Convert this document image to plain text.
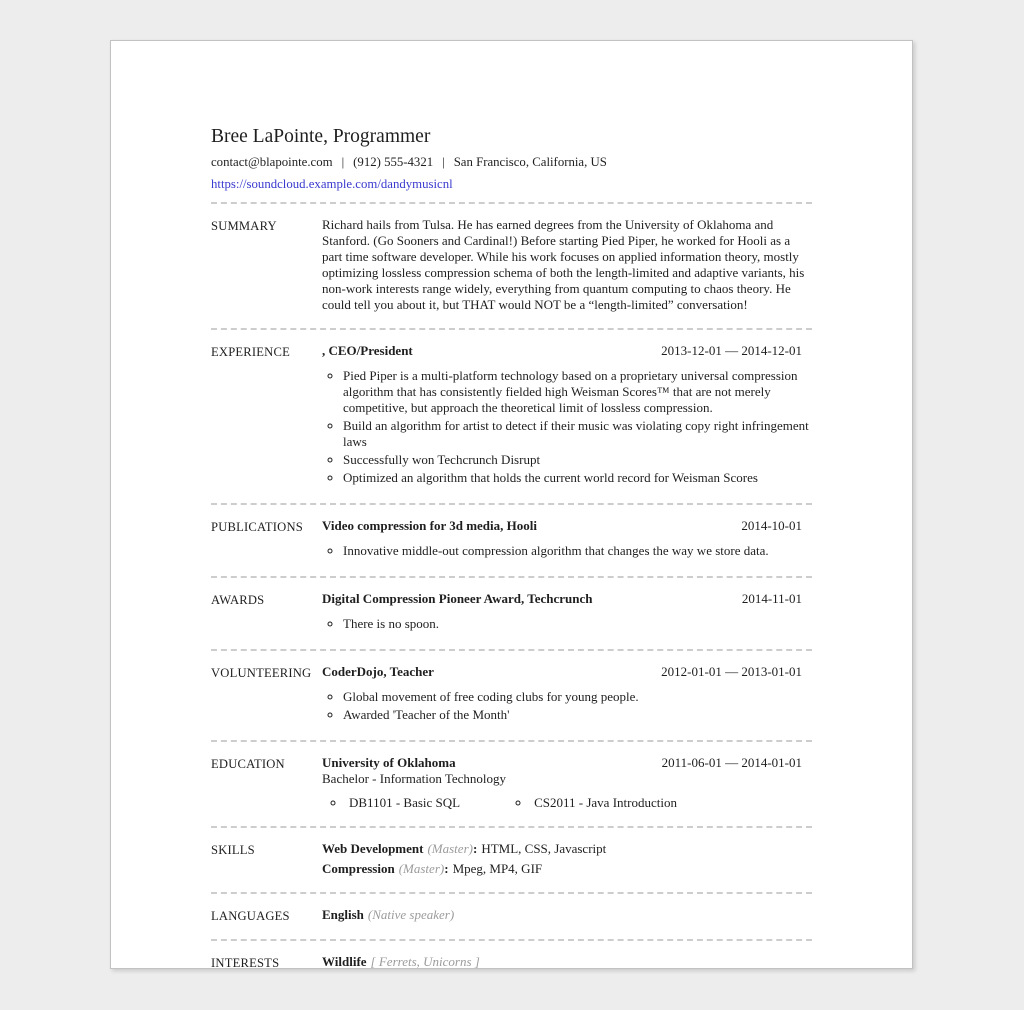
Bree LaPointe, Programmer
contact@blapointe.com | (912) 555-4321 | San Francisco, California, US
https://soundcloud.example.com/dandymusicnl
SUMMARY	Richard hails from Tulsa. He has earned degrees from the University of Oklahoma and Stanford. (Go Sooners and Cardinal!) Before starting Pied Piper, he worked for Hooli as a part time software developer. While his work focuses on applied information theory, mostly optimizing lossless compression schema of both the length-limited and adaptive variants, his non-work interests range widely, everything from quantum computing to chaos theory. He could tell you about it, but THAT would NOT be a “length-limited” conversation!
EXPERIENCE	, CEO/President	2013-12-01 — 2014-12-01
◦ Pied Piper is a multi-platform technology based on a proprietary universal compression algorithm that has consistently fielded high Weisman Scores™ that are not merely competitive, but approach the theoretical limit of lossless compression.
◦ Build an algorithm for artist to detect if their music was violating copy right infringement laws
◦ Successfully won Techcrunch Disrupt
◦ Optimized an algorithm that holds the current world record for Weisman Scores
PUBLICATIONS	Video compression for 3d media, Hooli	2014-10-01
◦ Innovative middle-out compression algorithm that changes the way we store data.
AWARDS	Digital Compression Pioneer Award, Techcrunch	2014-11-01
◦ There is no spoon.
VOLUNTEERING CoderDojo, Teacher	2012-01-01 — 2013-01-01
◦ Global movement of free coding clubs for young people.
◦ Awarded 'Teacher of the Month'
EDUCATION	University of Oklahoma	2011-06-01 — 2014-01-01
Bachelor - Information Technology
◦ DB1101 - Basic SQL	◦ CS2011 - Java Introduction
SKILLS	Web Development (Master): HTML, CSS, Javascript
Compression (Master): Mpeg, MP4, GIF
LANGUAGES	English (Native speaker)
INTERESTS	Wildlife [ Ferrets, Unicorns ]
